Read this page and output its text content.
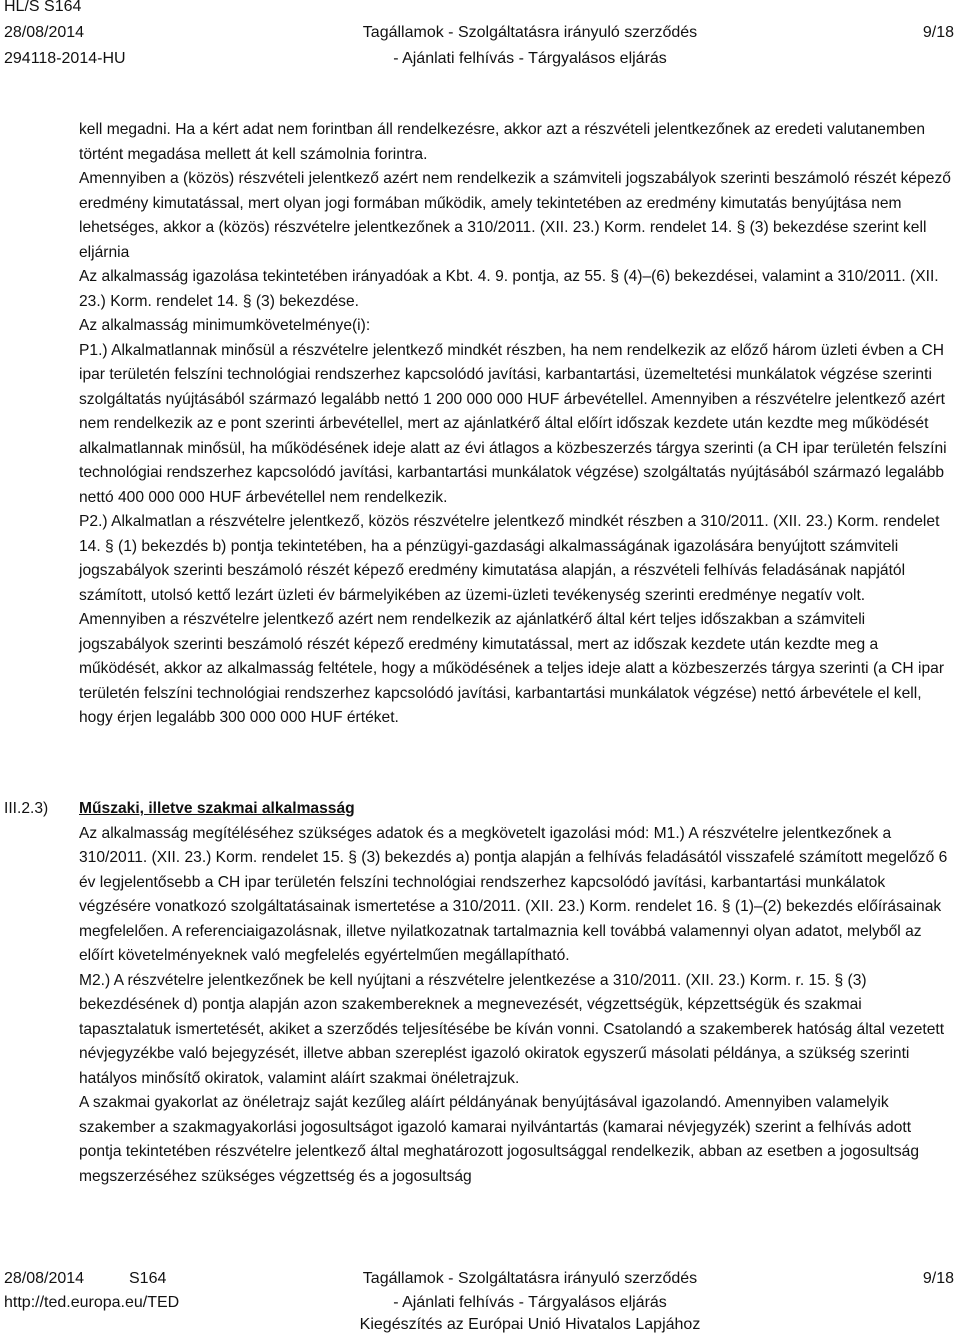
HL/S S164
28/08/2014
294118-2014-HU
Tagállamok - Szolgáltatásra irányuló szerződés
- Ajánlati felhívás - Tárgyalásos eljárás
9/18

kell megadni. Ha a kért adat nem forintban áll rendelkezésre, akkor azt a részvételi jelentkezőnek az eredeti valutanemben történt megadása mellett át kell számolnia forintra.

Amennyiben a (közös) részvételi jelentkező azért nem rendelkezik a számviteli jogszabályok szerinti beszámoló részét képező eredmény kimutatással, mert olyan jogi formában működik, amely tekintetében az eredmény kimutatás benyújtása nem lehetséges, akkor a (közös) részvételre jelentkezőnek a 310/2011. (XII. 23.) Korm. rendelet 14. § (3) bekezdése szerint kell eljárnia

Az alkalmasság igazolása tekintetében irányadóak a Kbt. 4. 9. pontja, az 55. § (4)–(6) bekezdései, valamint a 310/2011. (XII. 23.) Korm. rendelet 14. § (3) bekezdése.

Az alkalmasság minimumkövetelménye(i):

P1.) Alkalmatlannak minősül a részvételre jelentkező mindkét részben, ha nem rendelkezik az előző három üzleti évben a CH ipar területén felszíni technológiai rendszerhez kapcsolódó javítási, karbantartási, üzemeltetési munkálatok végzése szerinti szolgáltatás nyújtásából származó legalább nettó 1 200 000 000 HUF árbevétellel. Amennyiben a részvételre jelentkező azért nem rendelkezik az e pont szerinti árbevétellel, mert az ajánlatkérő által előírt időszak kezdete után kezdte meg működését alkalmatlannak minősül, ha működésének ideje alatt az évi átlagos a közbeszerzés tárgya szerinti (a CH ipar területén felszíni technológiai rendszerhez kapcsolódó javítási, karbantartási munkálatok végzése) szolgáltatás nyújtásából származó legalább nettó 400 000 000 HUF árbevétellel nem rendelkezik.

P2.) Alkalmatlan a részvételre jelentkező, közös részvételre jelentkező mindkét részben a 310/2011. (XII. 23.) Korm. rendelet 14. § (1) bekezdés b) pontja tekintetében, ha a pénzügyi-gazdasági alkalmasságának igazolására benyújtott számviteli jogszabályok szerinti beszámoló részét képező eredmény kimutatása alapján, a részvételi felhívás feladásának napjától számított, utolsó kettő lezárt üzleti év bármelyikében az üzemi-üzleti tevékenység szerinti eredménye negatív volt. Amennyiben a részvételre jelentkező azért nem rendelkezik az ajánlatkérő által kért teljes időszakban a számviteli jogszabályok szerinti beszámoló részét képező eredmény kimutatással, mert az időszak kezdete után kezdte meg a működését, akkor az alkalmasság feltétele, hogy a működésének a teljes ideje alatt a közbeszerzés tárgya szerinti (a CH ipar területén felszíni technológiai rendszerhez kapcsolódó javítási, karbantartási munkálatok végzése) nettó árbevétele el kell, hogy érjen legalább 300 000 000 HUF értéket.

III.2.3) Műszaki, illetve szakmai alkalmasság

Az alkalmasság megítéléséhez szükséges adatok és a megkövetelt igazolási mód: M1.) A részvételre jelentkezőnek a 310/2011. (XII. 23.) Korm. rendelet 15. § (3) bekezdés a) pontja alapján a felhívás feladásától visszafelé számított megelőző 6 év legjelentősebb a CH ipar területén felszíni technológiai rendszerhez kapcsolódó javítási, karbantartási munkálatok végzésére vonatkozó szolgáltatásainak ismertetése a 310/2011. (XII. 23.) Korm. rendelet 16. § (1)–(2) bekezdés előírásainak megfelelően. A referenciaigazolásnak, illetve nyilatkozatnak tartalmaznia kell továbbá valamennyi olyan adatot, melyből az előírt követelményeknek való megfelelés egyértelműen megállapítható.

M2.) A részvételre jelentkezőnek be kell nyújtani a részvételre jelentkezése a 310/2011. (XII. 23.) Korm. r. 15. § (3) bekezdésének d) pontja alapján azon szakembereknek a megnevezését, végzettségük, képzettségük és szakmai tapasztalatuk ismertetését, akiket a szerződés teljesítésébe be kíván vonni. Csatolandó a szakemberek hatóság által vezetett névjegyzékbe való bejegyzését, illetve abban szereplést igazoló okiratok egyszerű másolati példánya, a szükség szerinti hatályos minősítő okiratok, valamint aláírt szakmai önéletrajzuk.

A szakmai gyakorlat az önéletrajz saját kezűleg aláírt példányának benyújtásával igazolandó. Amennyiben valamelyik szakember a szakmagyakorlási jogosultságot igazoló kamarai nyilvántartás (kamarai névjegyzék) szerint a felhívás adott pontja tekintetében részvételre jelentkező által meghatározott jogosultsággal rendelkezik, abban az esetben a jogosultság megszerzéséhez szükséges végzettség és a jogosultság

28/08/2014	S164
http://ted.europa.eu/TED
Tagállamok - Szolgáltatásra irányuló szerződés
- Ajánlati felhívás - Tárgyalásos eljárás
Kiegészítés az Európai Unió Hivatalos Lapjához
9/18
